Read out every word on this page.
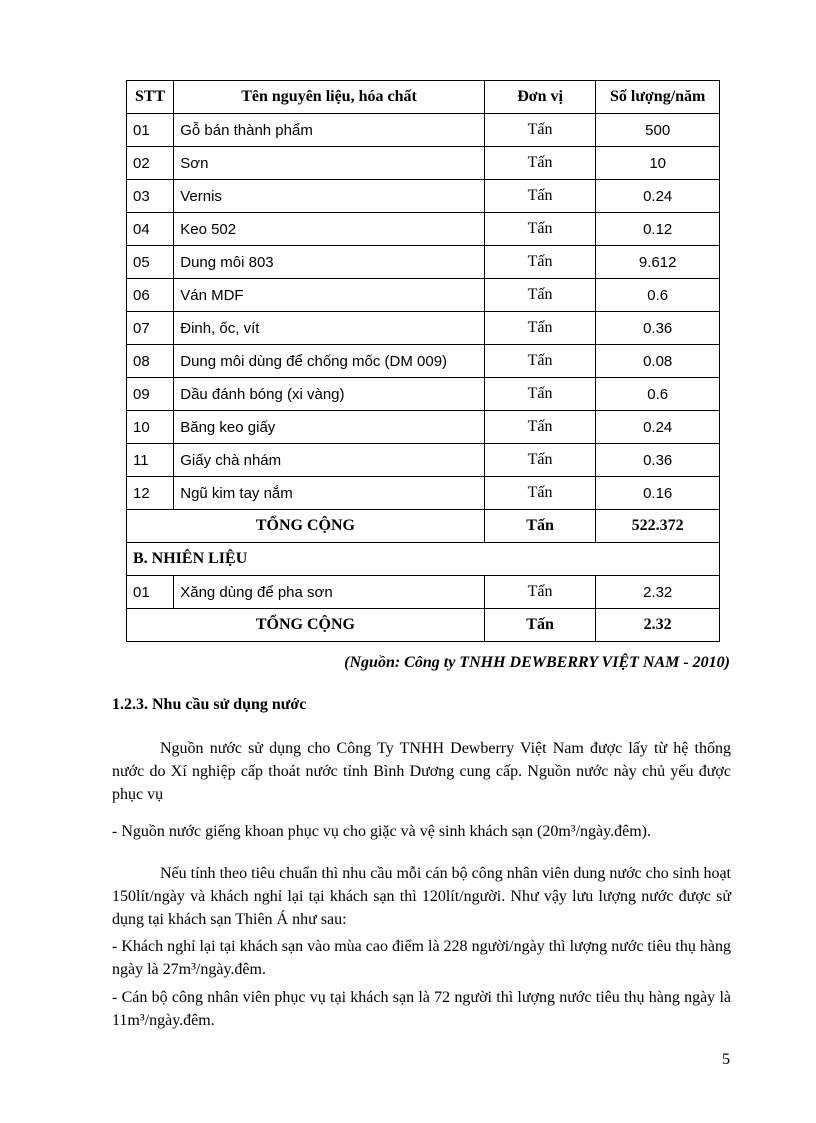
STT	Tên nguyên liệu, hóa chất	Đơn vị	Số lượng/năm
01	Gỗ bán thành phẩm	Tấn	500
02	Sơn	Tấn	10
03	Vernis	Tấn	0.24
04	Keo 502	Tấn	0.12
05	Dung môi 803	Tấn	9.612
06	Ván MDF	Tấn	0.6
07	Đinh, ốc, vít	Tấn	0.36
08	Dung môi dùng để chống mốc (DM 009)	Tấn	0.08
09	Dầu đánh bóng (xi vàng)	Tấn	0.6
10	Băng keo giấy	Tấn	0.24
11	Giấy chà nhám	Tấn	0.36
12	Ngũ kim tay nắm	Tấn	0.16
TỔNG CỘNG		Tấn	522.372
B. NHIÊN LIỆU			
01	Xăng dùng để pha sơn	Tấn	2.32
TỔNG CỘNG		Tấn	2.32
(Nguồn: Công ty TNHH DEWBERRY VIỆT NAM - 2010)
1.2.3. Nhu cầu sử dụng nước

Nguồn nước sử dụng cho Công Ty TNHH Dewberry Việt Nam được lấy từ hệ thống nước do Xí nghiệp cấp thoát nước tỉnh Bình Dương cung cấp. Nguồn nước này chủ yếu được phục vụ

- Nguồn nước giếng khoan phục vụ cho giặc và vệ sinh khách sạn (20m³/ngày.đêm).

Nếu tính theo tiêu chuẩn thì nhu cầu mỗi cán bộ công nhân viên dung nước cho sinh hoạt 150lít/ngày và khách nghỉ lại tại khách sạn thì 120lít/người. Như vậy lưu lượng nước được sử dụng tại khách sạn Thiên Á như sau:

- Khách nghỉ lại tại khách sạn vào mùa cao điểm là 228 người/ngày thì lượng nước tiêu thụ hàng ngày là 27m³/ngày.đêm.

- Cán bộ công nhân viên phục vụ tại khách sạn là 72 người thì lượng nước tiêu thụ hàng ngày là 11m³/ngày.đêm.

5
